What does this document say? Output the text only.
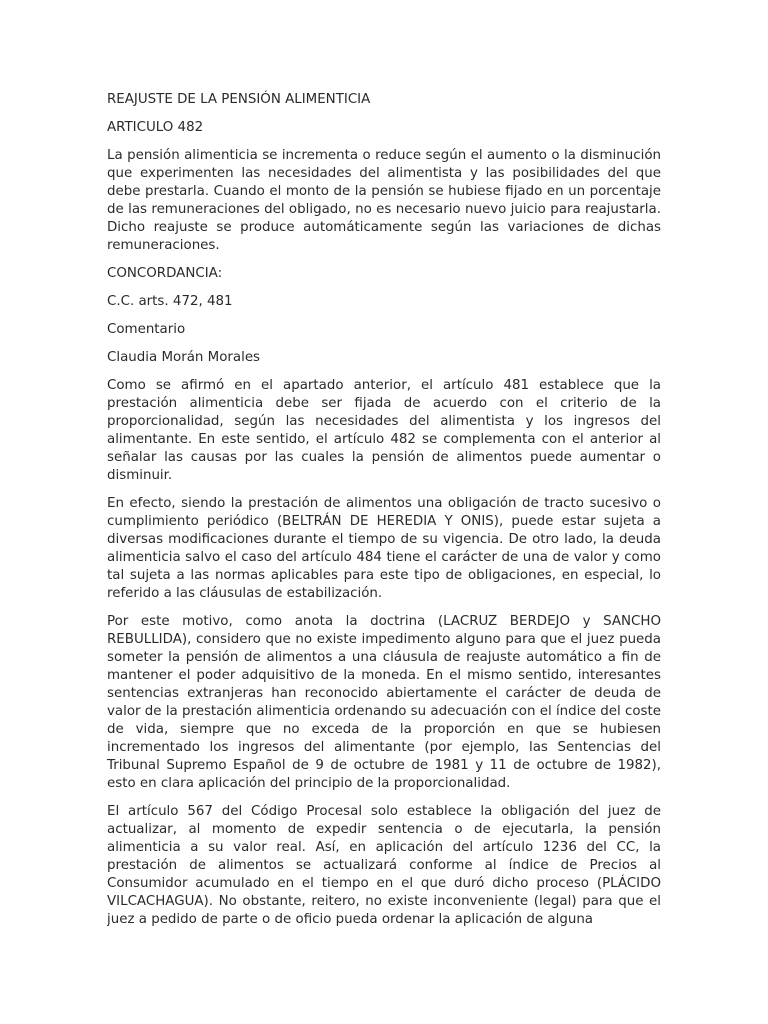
REAJUSTE DE LA PENSIÓN ALIMENTICIA
ARTICULO 482
La pensión alimenticia se incrementa o reduce según el aumento o la disminución que experimenten las necesidades del alimentista y las posibilidades del que debe prestarla. Cuando el monto de la pensión se hubiese fijado en un porcentaje de las remuneraciones del obligado, no es necesario nuevo juicio para reajustarla. Dicho reajuste se produce automáticamente según las variaciones de dichas remuneraciones.
CONCORDANCIA:
C.C. arts. 472, 481
Comentario
Claudia Morán Morales
Como se afirmó en el apartado anterior, el artículo 481 establece que la prestación alimenticia debe ser fijada de acuerdo con el criterio de la proporcionalidad, según las necesidades del alimentista y los ingresos del alimentante. En este sentido, el artículo 482 se complementa con el anterior al señalar las causas por las cuales la pensión de alimentos puede aumentar o disminuir.
En efecto, siendo la prestación de alimentos una obligación de tracto sucesivo o cumplimiento periódico (BELTRÁN DE HEREDIA Y ONIS), puede estar sujeta a diversas modificaciones durante el tiempo de su vigencia. De otro lado, la deuda alimenticia salvo el caso del artículo 484 tiene el carácter de una de valor y como tal sujeta a las normas aplicables para este tipo de obligaciones, en especial, lo referido a las cláusulas de estabilización.
Por este motivo, como anota la doctrina (LACRUZ BERDEJO y SANCHO REBULLIDA), considero que no existe impedimento alguno para que el juez pueda someter la pensión de alimentos a una cláusula de reajuste automático a fin de mantener el poder adquisitivo de la moneda. En el mismo sentido, interesantes sentencias extranjeras han reconocido abiertamente el carácter de deuda de valor de la prestación alimenticia ordenando su adecuación con el índice del coste de vida, siempre que no exceda de la proporción en que se hubiesen incrementado los ingresos del alimentante (por ejemplo, las Sentencias del Tribunal Supremo Español de 9 de octubre de 1981 y 11 de octubre de 1982), esto en clara aplicación del principio de la proporcionalidad.
El artículo 567 del Código Procesal solo establece la obligación del juez de actualizar, al momento de expedir sentencia o de ejecutarla, la pensión alimenticia a su valor real. Así, en aplicación del artículo 1236 del CC, la prestación de alimentos se actualizará conforme al índice de Precios al Consumidor acumulado en el tiempo en el que duró dicho proceso (PLÁCIDO VILCACHAGUA). No obstante, reitero, no existe inconveniente (legal) para que el juez a pedido de parte o de oficio pueda ordenar la aplicación de alguna
